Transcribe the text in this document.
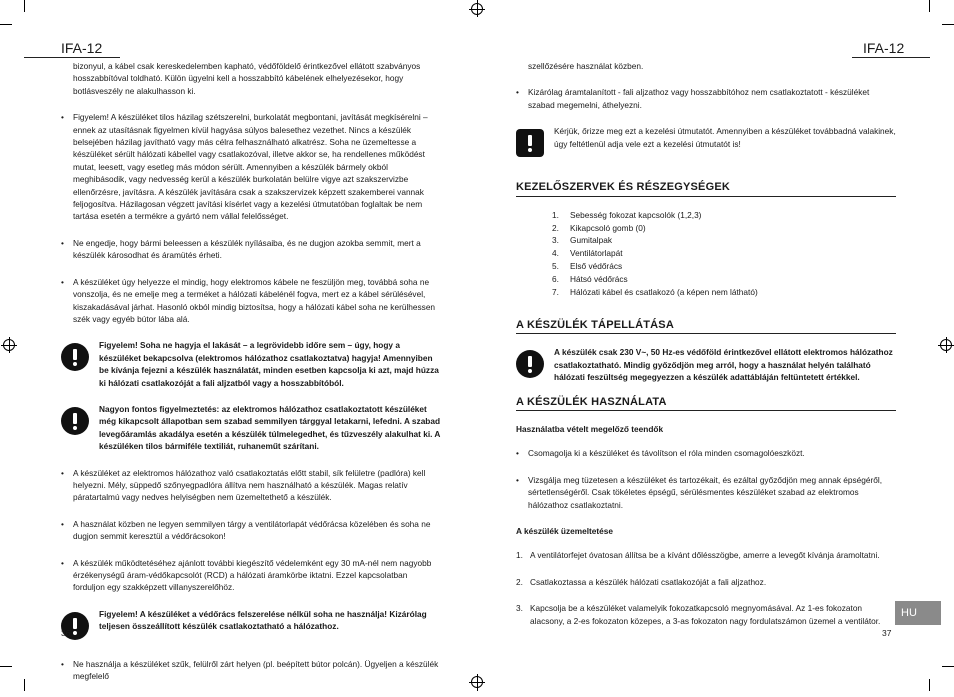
IFA-12

bizonyul, a kábel csak kereskedelemben kapható, védőföldelő érintkezővel ellátott szabványos hosszabbítóval toldható. Külön ügyelni kell a hosszabbító kábelének elhelyezésekor, hogy botlásveszély ne alakulhasson ki.

• Figyelem! A készüléket tilos házilag szétszerelni, burkolatát megbontani, javítását megkísérelni – ennek az utasításnak figyelmen kívül hagyása súlyos balesethez vezethet. Nincs a készülék belsejében házilag javítható vagy más célra felhasználható alkatrész. Soha ne üzemeltesse a készüléket sérült hálózati kábellel vagy csatlakozóval, illetve akkor se, ha rendellenes működést mutat, leesett, vagy esetleg más módon sérült. Amennyiben a készülék bármely okból meghibásodik, vagy nedvesség kerül a készülék burkolatán belülre vigye azt szakszervizbe ellenőrzésre, javításra. A készülék javítására csak a szakszervizek képzett szakemberei vannak feljogosítva. Házilagosan végzett javítási kísérlet vagy a kezelési útmutatóban foglaltak be nem tartása esetén a termékre a gyártó nem vállal felelősséget.

• Ne engedje, hogy bármi beleessen a készülék nyílásaiba, és ne dugjon azokba semmit, mert a készülék károsodhat és áramütés érheti.

• A készüléket úgy helyezze el mindig, hogy elektromos kábele ne feszüljön meg, továbbá soha ne vonszolja, és ne emelje meg a terméket a hálózati kábelénél fogva, mert ez a kábel sérülésével, kiszakadásával járhat. Hasonló okból mindig biztosítsa, hogy a hálózati kábel soha ne kerülhessen szék vagy egyéb bútor lába alá.

Figyelem! Soha ne hagyja el lakását – a legrövidebb időre sem – úgy, hogy a készüléket bekapcsolva (elektromos hálózathoz csatlakoztatva) hagyja! Amennyiben be kívánja fejezni a készülék használatát, minden esetben kapcsolja ki azt, majd húzza ki hálózati csatlakozóját a fali aljzatból vagy a hosszabbítóból.
Nagyon fontos figyelmeztetés: az elektromos hálózathoz csatlakoztatott készüléket még kikapcsolt állapotban sem szabad semmilyen tárggyal letakarni, lefedni. A szabad levegőáramlás akadálya esetén a készülék túlmelegedhet, és tűzveszély alakulhat ki. A készüléken tilos bármiféle textiliát, ruhaneműt szárítani.

• A készüléket az elektromos hálózathoz való csatlakoztatás előtt stabil, sík felületre (padlóra) kell helyezni. Mély, süppedő szőnyegpadlóra állítva nem használható a készülék. Magas relatív páratartalmú vagy nedves helyiségben nem üzemeltethető a készülék.

• A használat közben ne legyen semmilyen tárgy a ventilátorlapát védőrácsa közelében és soha ne dugjon semmit keresztül a védőrácsokon!

• A készülék működtetéséhez ajánlott további kiegészítő védelemként egy 30 mA-nél nem nagyobb érzékenységű áram-védőkapcsolót (RCD) a hálózati áramkörbe iktatni. Ezzel kapcsolatban forduljon egy szakképzett villanyszerelőhöz.

Figyelem! A készüléket a védőrács felszerelése nélkül soha ne használja! Kizárólag teljesen összeállított készülék csatlakoztatható a hálózathoz.

• Ne használja a készüléket szűk, felülről zárt helyen (pl. beépített bútor polcán). Ügyeljen a készülék megfelelő

36
IFA-12

szellőzésére használat közben.

• Kizárólag áramtalanított - fali aljzathoz vagy hosszabbítóhoz nem csatlakoztatott - készüléket szabad megemelni, áthelyezni.

Kérjük, őrizze meg ezt a kezelési útmutatót. Amennyiben a készüléket továbbadná valakinek, úgy feltétlenül adja vele ezt a kezelési útmutatót is!
KEZELŐSZERVEK ÉS RÉSZEGYSÉGEK
1. Sebesség fokozat kapcsolók (1,2,3)
2. Kikapcsoló gomb (0)
3. Gumitalpak
4. Ventilátorlapát
5. Első védőrács
6. Hátsó védőrács
7. Hálózati kábel és csatlakozó (a képen nem látható)
A KÉSZÜLÉK TÁPELLÁTÁSA
A készülék csak 230 V~, 50 Hz-es védőföld érintkezővel ellátott elektromos hálózathoz csatlakoztatható. Mindig győződjön meg arról, hogy a használat helyén található hálózati feszültség megegyezzen a készülék adattábláján feltüntetett értékkel.
A KÉSZÜLÉK HASZNÁLATA
Használatba vételt megelőző teendők

• Csomagolja ki a készüléket és távolítson el róla minden csomagolóeszközt.

• Vizsgálja meg tüzetesen a készüléket és tartozékait, és ezáltal győződjön meg annak épségéről, sértetlenségéről. Csak tökéletes épségű, sérülésmentes készüléket szabad az elektromos hálózathoz csatlakoztatni.

A készülék üzemeltetése

1. A ventilátorfejet óvatosan állítsa be a kívánt dőlésszögbe, amerre a levegőt kívánja áramoltatni.

2. Csatlakoztassa a készülék hálózati csatlakozóját a fali aljzathoz.

3. Kapcsolja be a készüléket valamelyik fokozatkapcsoló megnyomásával. Az 1-es fokozaton alacsony, a 2-es fokozaton közepes, a 3-as fokozaton nagy fordulatszámon üzemel a ventilátor.

37
HU
